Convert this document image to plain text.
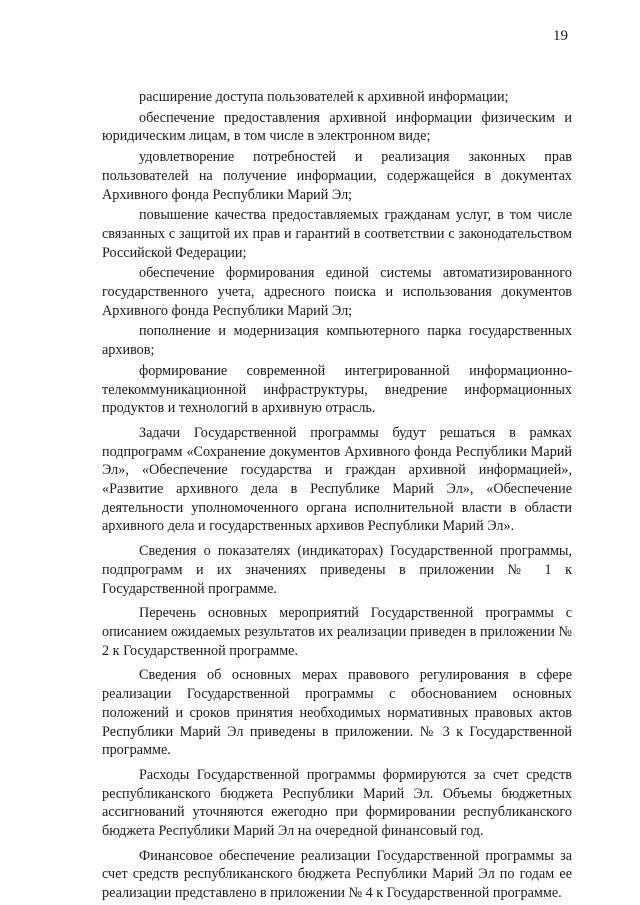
19

расширение доступа пользователей к архивной информации;

обеспечение предоставления архивной информации физическим и юридическим лицам, в том числе в электронном виде;

удовлетворение потребностей и реализация законных прав пользователей на получение информации, содержащейся в документах Архивного фонда Республики Марий Эл;

повышение качества предоставляемых гражданам услуг, в том числе связанных с защитой их прав и гарантий в соответствии с законодательством Российской Федерации;

обеспечение формирования единой системы автоматизированного государственного учета, адресного поиска и использования документов Архивного фонда Республики Марий Эл;

пополнение и модернизация компьютерного парка государственных архивов;

формирование современной интегрированной информационно-телекоммуникационной инфраструктуры, внедрение информационных продуктов и технологий в архивную отрасль.

Задачи Государственной программы будут решаться в рамках подпрограмм «Сохранение документов Архивного фонда Республики Марий Эл», «Обеспечение государства и граждан архивной информацией», «Развитие архивного дела в Республике Марий Эл», «Обеспечение деятельности уполномоченного органа исполнительной власти в области архивного дела и государственных архивов Республики Марий Эл».

Сведения о показателях (индикаторах) Государственной программы, подпрограмм и их значениях приведены в приложении № 1 к Государственной программе.

Перечень основных мероприятий Государственной программы с описанием ожидаемых результатов их реализации приведен в приложении № 2 к Государственной программе.

Сведения об основных мерах правового регулирования в сфере реализации Государственной программы с обоснованием основных положений и сроков принятия необходимых нормативных правовых актов Республики Марий Эл приведены в приложении. № 3 к Государственной программе.

Расходы Государственной программы формируются за счет средств республиканского бюджета Республики Марий Эл. Объемы бюджетных ассигнований уточняются ежегодно при формировании республиканского бюджета Республики Марий Эл на очередной финансовый год.

Финансовое обеспечение реализации Государственной программы за счет средств республиканского бюджета Республики Марий Эл по годам ее реализации представлено в приложении № 4 к Государственной программе.
